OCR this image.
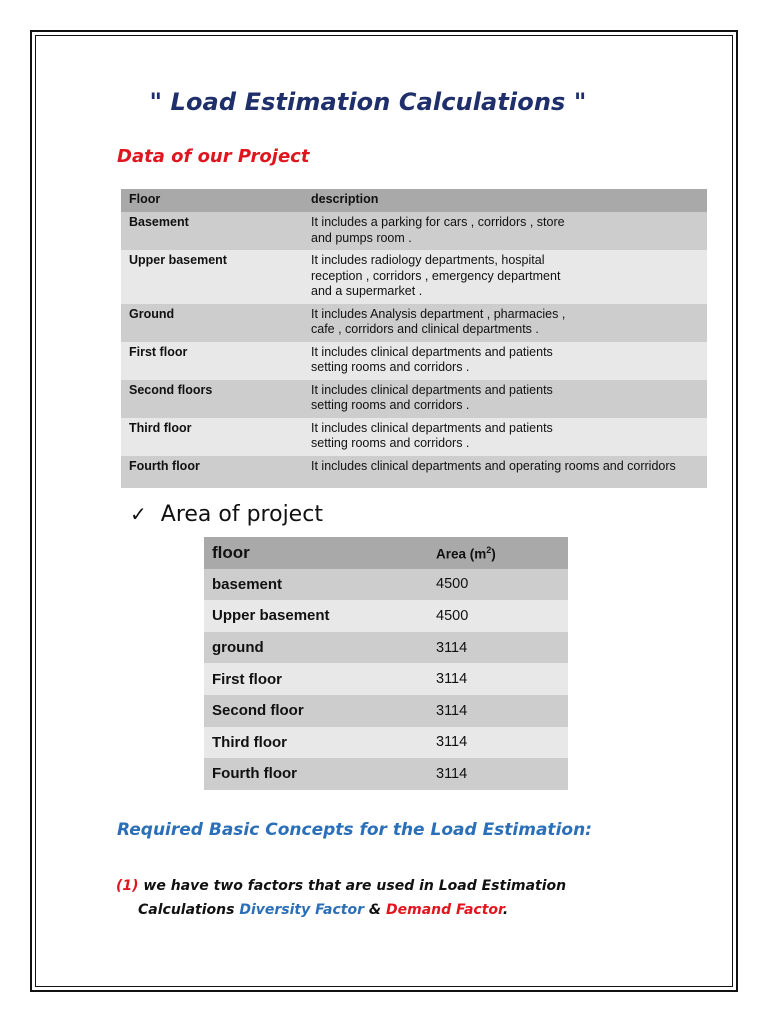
" Load Estimation Calculations "
Data of our Project
Floor	description
Basement	It includes a parking for cars , corridors , store
and pumps room .
Upper basement	It includes radiology departments, hospital
reception , corridors , emergency department
and a supermarket .
Ground	It includes Analysis department , pharmacies ,
cafe , corridors and clinical departments .
First floor	It includes clinical departments and patients
setting rooms and corridors .
Second floors	It includes clinical departments and patients
setting rooms and corridors .
Third floor	It includes clinical departments and patients
setting rooms and corridors .
Fourth floor	It includes clinical departments and operating rooms and corridors
✓ Area of project
floor	Area $(m^2)$
basement	4500
Upper basement	4500
ground	3114
First floor	3114
Second floor	3114
Third floor	3114
Fourth floor	3114
Required Basic Concepts for the Load Estimation:
(1) we have two factors that are used in Load Estimation
Calculations Diversity Factor & Demand Factor.
